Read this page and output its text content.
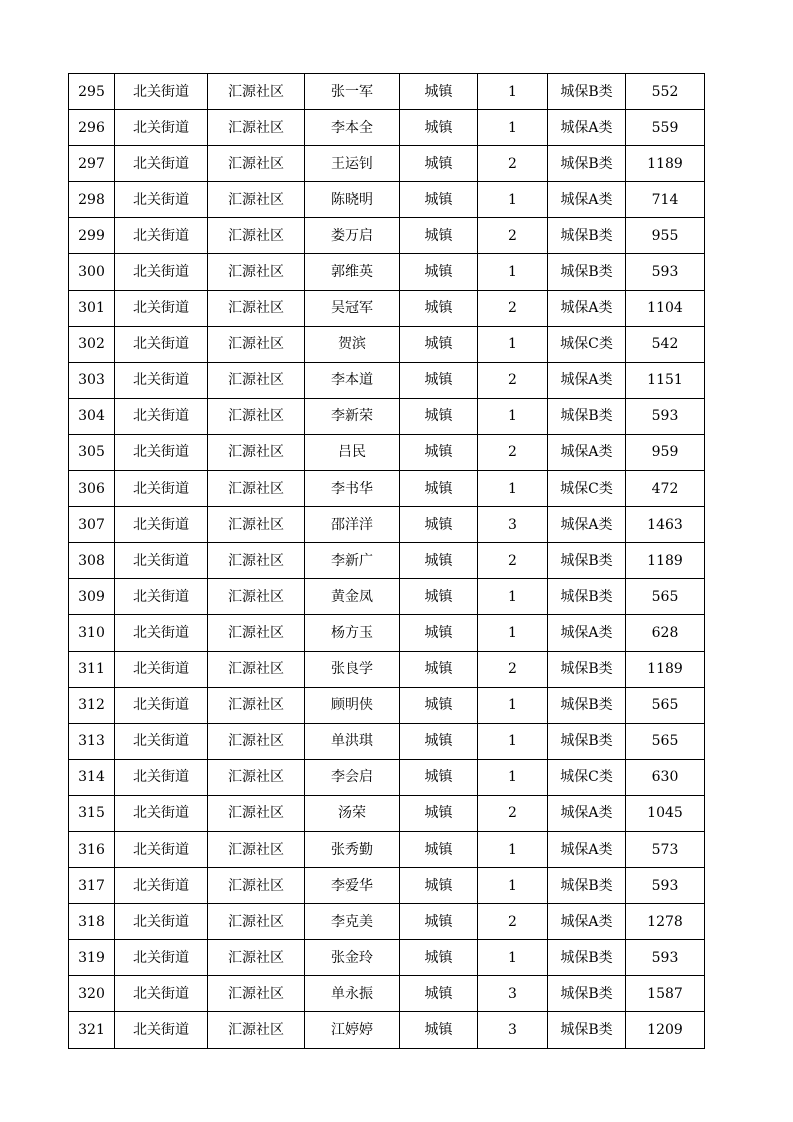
295	北关街道	汇源社区	张一军	城镇	1	城保B类	552
296	北关街道	汇源社区	李本全	城镇	1	城保A类	559
297	北关街道	汇源社区	王运钊	城镇	2	城保B类	1189
298	北关街道	汇源社区	陈晓明	城镇	1	城保A类	714
299	北关街道	汇源社区	娄万启	城镇	2	城保B类	955
300	北关街道	汇源社区	郭维英	城镇	1	城保B类	593
301	北关街道	汇源社区	吴冠军	城镇	2	城保A类	1104
302	北关街道	汇源社区	贺滨	城镇	1	城保C类	542
303	北关街道	汇源社区	李本道	城镇	2	城保A类	1151
304	北关街道	汇源社区	李新荣	城镇	1	城保B类	593
305	北关街道	汇源社区	吕民	城镇	2	城保A类	959
306	北关街道	汇源社区	李书华	城镇	1	城保C类	472
307	北关街道	汇源社区	邵洋洋	城镇	3	城保A类	1463
308	北关街道	汇源社区	李新广	城镇	2	城保B类	1189
309	北关街道	汇源社区	黄金凤	城镇	1	城保B类	565
310	北关街道	汇源社区	杨方玉	城镇	1	城保A类	628
311	北关街道	汇源社区	张良学	城镇	2	城保B类	1189
312	北关街道	汇源社区	顾明侠	城镇	1	城保B类	565
313	北关街道	汇源社区	单洪琪	城镇	1	城保B类	565
314	北关街道	汇源社区	李会启	城镇	1	城保C类	630
315	北关街道	汇源社区	汤荣	城镇	2	城保A类	1045
316	北关街道	汇源社区	张秀勤	城镇	1	城保A类	573
317	北关街道	汇源社区	李爱华	城镇	1	城保B类	593
318	北关街道	汇源社区	李克美	城镇	2	城保A类	1278
319	北关街道	汇源社区	张金玲	城镇	1	城保B类	593
320	北关街道	汇源社区	单永振	城镇	3	城保B类	1587
321	北关街道	汇源社区	江婷婷	城镇	3	城保B类	1209
